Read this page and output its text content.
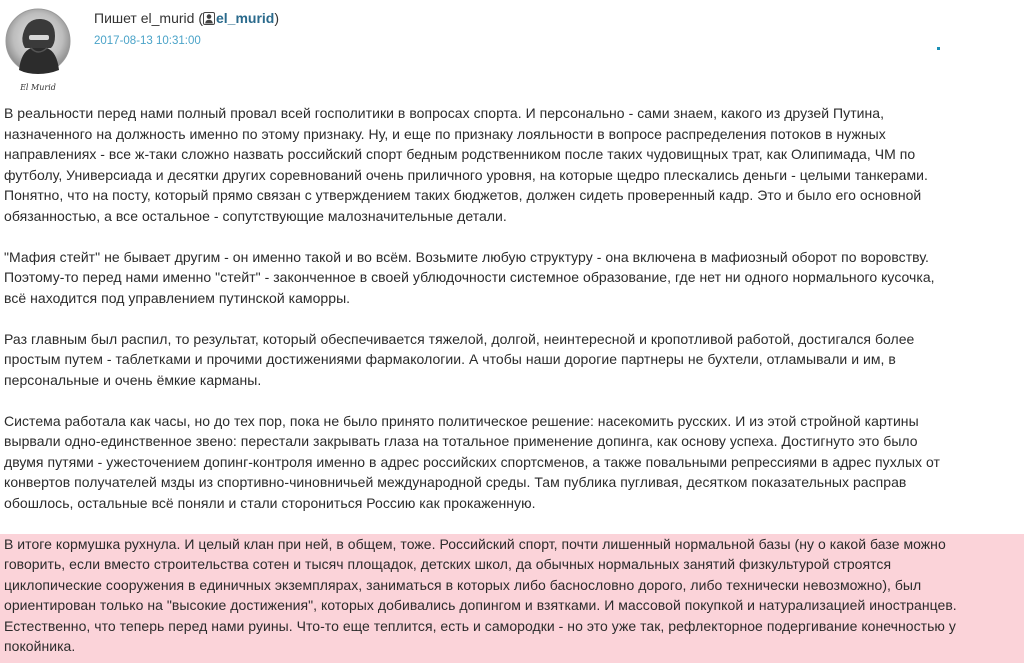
El Murid
Пишет el_murid ( el_murid)
2017-08-13 10:31:00
В реальности перед нами полный провал всей госполитики в вопросах спорта. И персонально - сами знаем, какого из друзей Путина,
назначенного на должность именно по этому признаку. Ну, и еще по признаку лояльности в вопросе распределения потоков в нужных
направлениях - все ж-таки сложно назвать российский спорт бедным родственником после таких чудовищных трат, как Олипимада, ЧМ по
футболу, Универсиада и десятки других соревнований очень приличного уровня, на которые щедро плескались деньги - целыми танкерами.
Понятно, что на посту, который прямо связан с утверждением таких бюджетов, должен сидеть проверенный кадр. Это и было его основной
обязанностью, а все остальное - сопутствующие малозначительные детали.
"Мафия стейт" не бывает другим - он именно такой и во всём. Возьмите любую структуру - она включена в мафиозный оборот по воровству.
Поэтому-то перед нами именно "стейт" - законченное в своей ублюдочности системное образование, где нет ни одного нормального кусочка,
всё находится под управлением путинской каморры.
Раз главным был распил, то результат, который обеспечивается тяжелой, долгой, неинтересной и кропотливой работой, достигался более
простым путем - таблетками и прочими достижениями фармакологии. А чтобы наши дорогие партнеры не бухтели, отламывали и им, в
персональные и очень ёмкие карманы.
Система работала как часы, но до тех пор, пока не было принято политическое решение: насекомить русских. И из этой стройной картины
вырвали одно-единственное звено: перестали закрывать глаза на тотальное применение допинга, как основу успеха. Достигнуто это было
двумя путями - ужесточением допинг-контроля именно в адрес российских спортсменов, а также повальными репрессиями в адрес пухлых от
конвертов получателей мзды из спортивно-чиновничьей международной среды. Там публика пугливая, десятком показательных расправ
обошлось, остальные всё поняли и стали сторониться Россию как прокаженную.
В итоге кормушка рухнула. И целый клан при ней, в общем, тоже. Российский спорт, почти лишенный нормальной базы (ну о какой базе можно
говорить, если вместо строительства сотен и тысяч площадок, детских школ, да обычных нормальных занятий физкультурой строятся
циклопические сооружения в единичных экземплярах, заниматься в которых либо баснословно дорого, либо технически невозможно), был
ориентирован только на "высокие достижения", которых добивались допингом и взятками. И массовой покупкой и натурализацией иностранцев.
Естественно, что теперь перед нами руины. Что-то еще теплится, есть и самородки - но это уже так, рефлекторное подергивание конечностью у
покойника.
